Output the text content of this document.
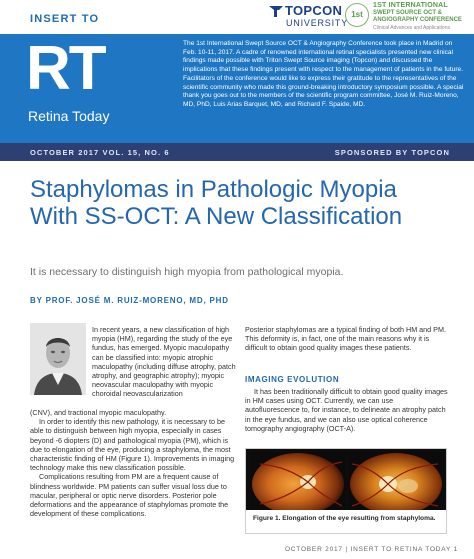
INSERT TO
TOPCON
UNIVERSITY
1st
1ST INTERNATIONAL
SWEPT SOURCE OCT &
ANGIOGRAPHY CONFERENCE
Clinical Advances and Applications
RT
Retina Today
The 1st International Swept Source OCT & Angiography Conference took place in Madrid on Feb. 10-11, 2017. A cadre of renowned international retinal specialists presented new clinical findings made possible with Triton Swept Source imaging (Topcon) and discussed the implications that these findings present with respect to the management of patients in the future. Facilitators of the conference would like to express their gratitude to the representatives of the scientific community who made this ground-breaking introductory symposium possible. A special thank you goes out to the members of the scientific program committee, José M. Ruiz-Moreno, MD, PhD, Luis Arias Barquet, MD, and Richard F. Spaide, MD.
OCTOBER 2017 VOL. 15, NO. 6	SPONSORED BY TOPCON
Staphylomas in Pathologic Myopia With SS-OCT: A New Classification
It is necessary to distinguish high myopia from pathological myopia.
BY PROF. JOSÉ M. RUIZ-MORENO, MD, PHD
In recent years, a new classification of high myopia (HM), regarding the study of the eye fundus, has emerged. Myopic maculopathy can be classified into: myopic atrophic maculopathy (including diffuse atrophy, patch atrophy, and geographic atrophy); myopic neovascular maculopathy with myopic choroidal neovascularization

(CNV), and tractional myopic maculopathy.

In order to identify this new pathology, it is necessary to be able to distinguish between high myopia, especially in cases beyond -6 diopters (D) and pathological myopia (PM), which is due to elongation of the eye, producing a staphyloma, the most characteristic finding of HM (Figure 1). Improvements in imaging technology make this new classification possible.

Complications resulting from PM are a frequent cause of blindness worldwide. PM patients can suffer visual loss due to macular, peripheral or optic nerve disorders. Posterior pole deformations and the appearance of staphylomas promote the development of these complications.

Posterior staphylomas are a typical finding of both HM and PM. This deformity is, in fact, one of the main reasons why it is difficult to obtain good quality images these patients.
IMAGING EVOLUTION
It has been traditionally difficult to obtain good quality images in HM cases using OCT. Currently, we can use autofluorescence to, for instance, to delineate an atrophy patch in the eye fundus, and we can also use optical coherence tomography angiography (OCT-A).
Figure 1. Elongation of the eye resulting from staphyloma.
OCTOBER 2017 | INSERT TO RETINA TODAY 1
